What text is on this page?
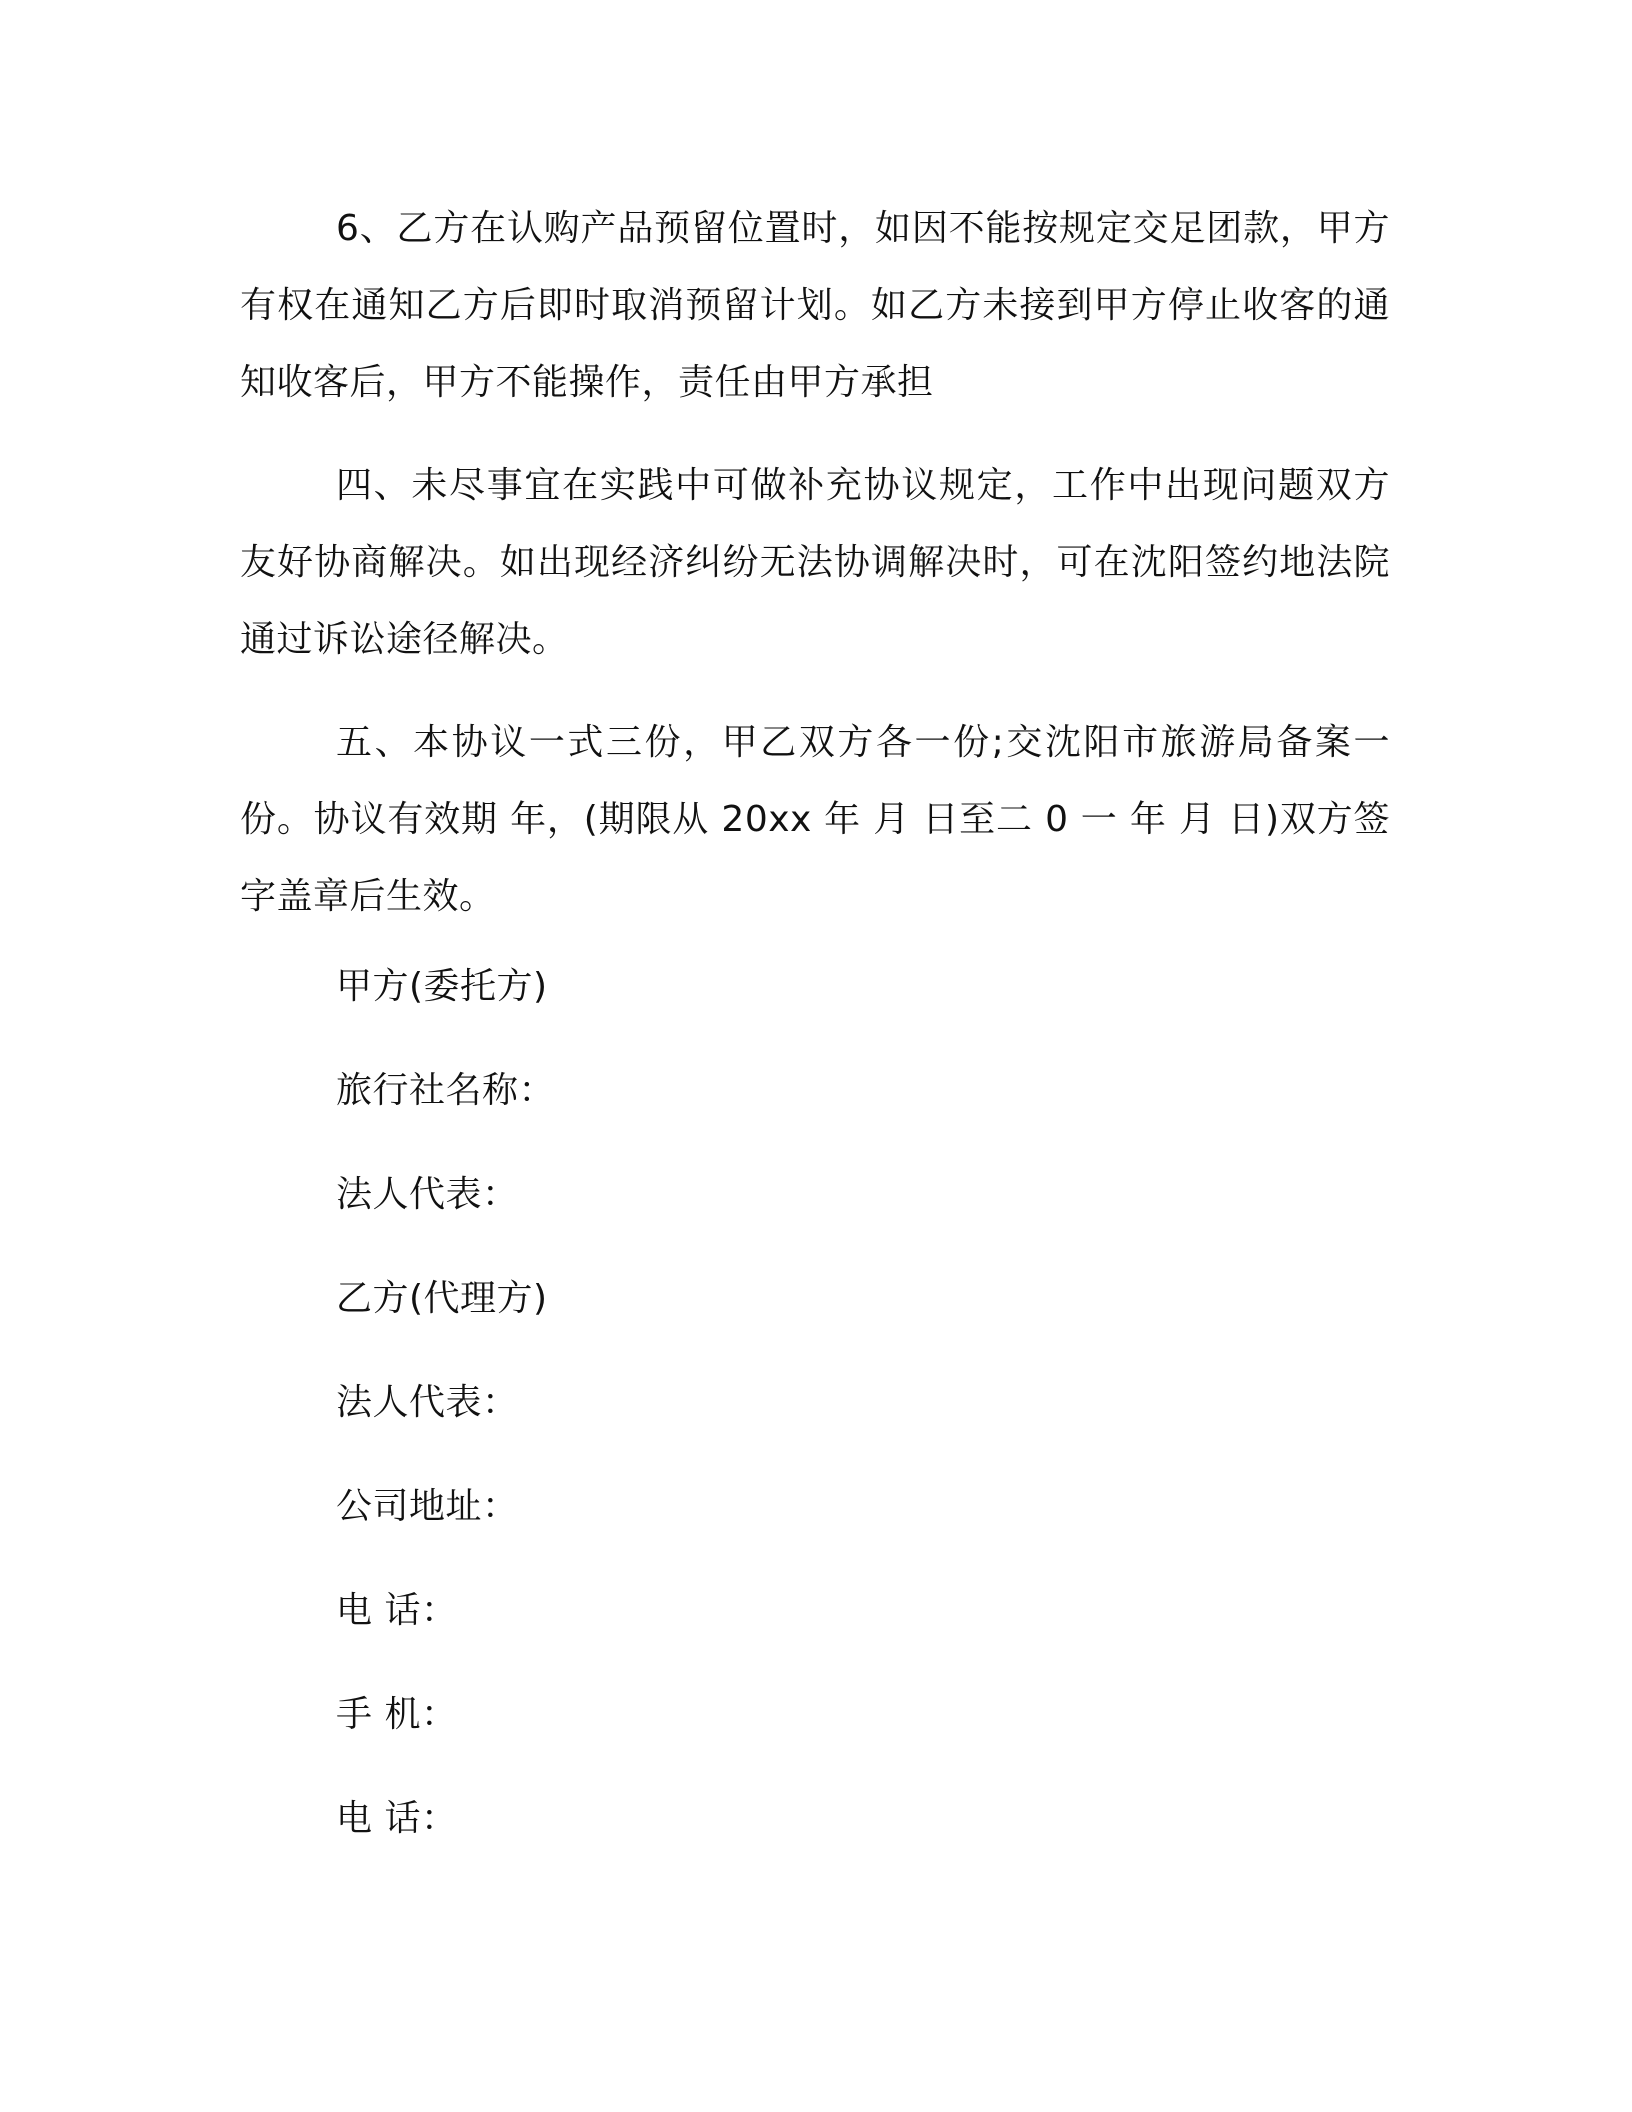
6、乙方在认购产品预留位置时，如因不能按规定交足团款，甲方有权在通知乙方后即时取消预留计划。如乙方未接到甲方停止收客的通知收客后，甲方不能操作，责任由甲方承担

四、未尽事宜在实践中可做补充协议规定，工作中出现问题双方友好协商解决。如出现经济纠纷无法协调解决时，可在沈阳签约地法院通过诉讼途径解决。

五、本协议一式三份，甲乙双方各一份;交沈阳市旅游局备案一份。协议有效期 年，(期限从 20xx 年 月 日至二 0 一 年 月 日)双方签字盖章后生效。

甲方(委托方)
旅行社名称：
法人代表：
乙方(代理方)
法人代表：
公司地址：
电 话：
手 机：
电 话：
